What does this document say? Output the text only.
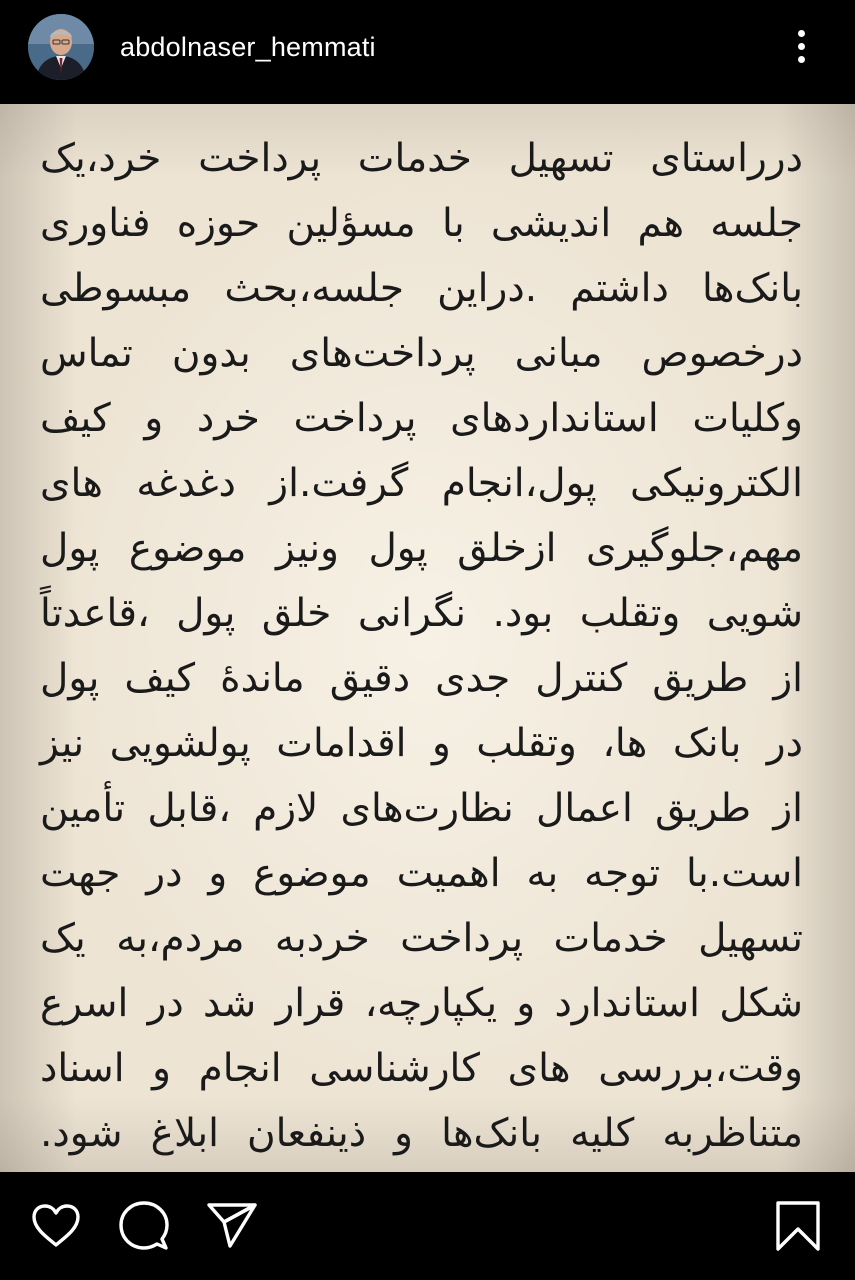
abdolnaser_hemmati
درراستای تسهیل خدمات پرداخت خرد،یک
جلسه هم اندیشی با مسؤلین حوزه فناوری
بانک‌ها داشتم .دراین جلسه،بحث مبسوطی
درخصوص مبانی پرداخت‌های بدون تماس
وکلیات استانداردهای پرداخت خرد و کیف
الکترونیکی پول،انجام گرفت.از دغدغه های
مهم،جلوگیری ازخلق پول ونیز موضوع پول
شویی وتقلب بود. نگرانی خلق پول ،قاعدتاً
از طریق کنترل جدی دقیق ماندهٔ کیف پول
در بانک ها، وتقلب و اقدامات پولشویی نیز
از طریق اعمال نظارت‌های لازم ،قابل تأمین
است.با توجه به اهمیت موضوع و در جهت
تسهیل خدمات پرداخت خردبه مردم،به یک
شکل استاندارد و یکپارچه، قرار شد در اسرع
وقت،بررسی های کارشناسی انجام و اسناد
متناظربه کلیه بانک‌ها و ذینفعان ابلاغ شود.
